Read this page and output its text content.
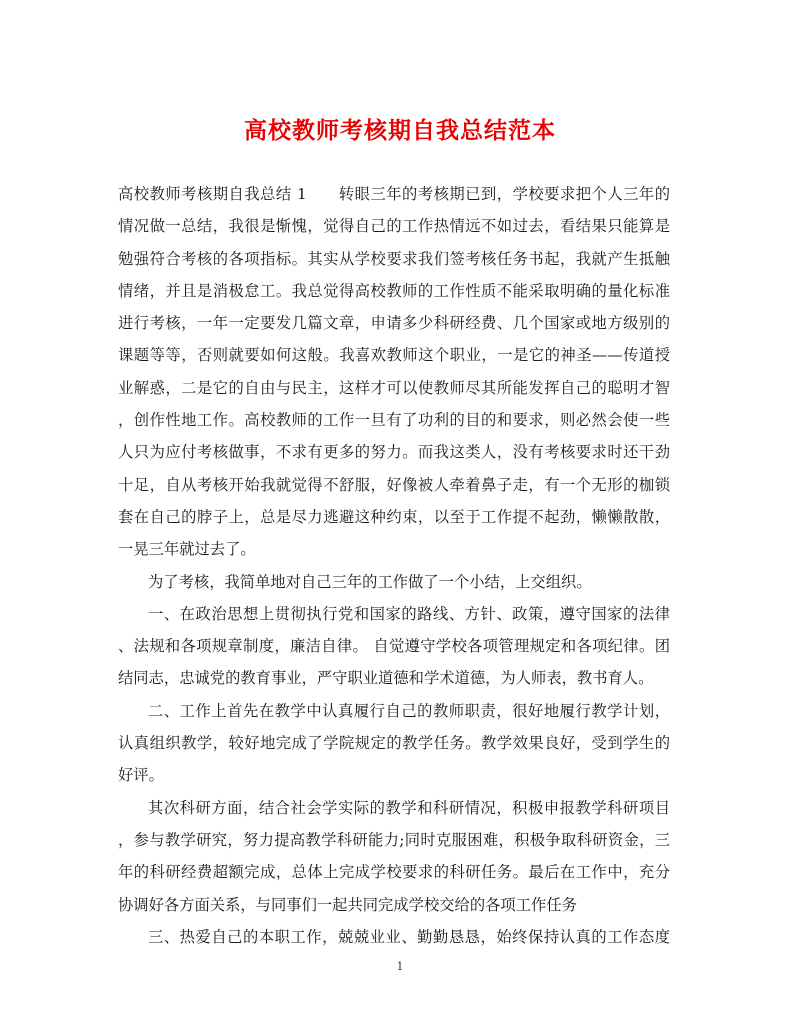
高校教师考核期自我总结范本
高校教师考核期自我总结 1　　转眼三年的考核期已到，学校要求把个人三年的
情况做一总结，我很是惭愧，觉得自己的工作热情远不如过去，看结果只能算是
勉强符合考核的各项指标。其实从学校要求我们签考核任务书起，我就产生抵触
情绪，并且是消极怠工。我总觉得高校教师的工作性质不能采取明确的量化标准
进行考核，一年一定要发几篇文章，申请多少科研经费、几个国家或地方级别的
课题等等，否则就要如何这般。我喜欢教师这个职业，一是它的神圣——传道授
业解惑，二是它的自由与民主，这样才可以使教师尽其所能发挥自己的聪明才智
，创作性地工作。高校教师的工作一旦有了功利的目的和要求，则必然会使一些
人只为应付考核做事，不求有更多的努力。而我这类人，没有考核要求时还干劲
十足，自从考核开始我就觉得不舒服，好像被人牵着鼻子走，有一个无形的枷锁
套在自己的脖子上，总是尽力逃避这种约束，以至于工作提不起劲，懒懒散散，
一晃三年就过去了。
为了考核，我简单地对自己三年的工作做了一个小结，上交组织。
一、在政治思想上贯彻执行党和国家的路线、方针、政策，遵守国家的法律
、法规和各项规章制度，廉洁自律。 自觉遵守学校各项管理规定和各项纪律。团
结同志，忠诚党的教育事业，严守职业道德和学术道德，为人师表，教书育人。
二、工作上首先在教学中认真履行自己的教师职责，很好地履行教学计划，
认真组织教学，较好地完成了学院规定的教学任务。教学效果良好，受到学生的
好评。
其次科研方面，结合社会学实际的教学和科研情况，积极申报教学科研项目
，参与教学研究，努力提高教学科研能力;同时克服困难，积极争取科研资金，三
年的科研经费超额完成，总体上完成学校要求的科研任务。最后在工作中，充分
协调好各方面关系，与同事们一起共同完成学校交给的各项工作任务
三、热爱自己的本职工作，兢兢业业、勤勤恳恳，始终保持认真的工作态度
1
